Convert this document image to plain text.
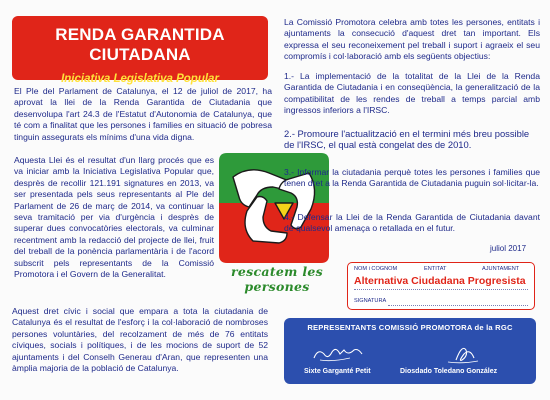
RENDA GARANTIDA CIUTADANA
Iniciativa Legislativa Popular

El Ple del Parlament de Catalunya, el 12 de juliol de 2017, ha aprovat la llei de la Renda Garantida de Ciutadania que desenvolupa l'art 24.3 de l'Estatut d'Autonomia de Catalunya, que té com a finalitat que les persones i families en situació de pobresa tinguin assegurats els mínims d'una vida digna.

Aquesta Llei és el resultat d'un llarg procés que es va iniciar amb la Iniciativa Legislativa Popular que, desprès de recollir 121.191 signatures en 2013, va ser presentada pels seus representants al Ple del Parlament de 26 de març de 2014, va continuar la seva tramitació per via d'urgència i desprès de superar dues convocatòries electorals, va culminar recentment amb la redacció del projecte de llei, fruit del treball de la ponència parlamentària i de l'acord subscrit pels representants de la Comissió Promotora i el Govern de la Generalitat.

Aquest dret cívic i social que empara a tota la ciutadania de Catalunya és el resultat de l'esforç i la col·laboració de nombroses persones voluntàries, del recolzament de més de 76 entitats cíviques, socials i polítiques, i de les mocions de suport de 52 ajuntaments i del Conselh Generau d'Aran, que representen una àmplia majoria de la població de Catalunya.

rescatem les persones

La Comissió Promotora celebra amb totes les persones, entitats i ajuntaments la consecució d'aquest dret tan important. Els expressa el seu reconeixement pel treball i suport i agraeix el seu compromís i col·laboració amb els següents objectius:

1.- La implementació de la totalitat de la Llei de la Renda Garantida de Ciutadania i en conseqüència, la generalització de la compatibilitat de les rendes de treball a temps parcial amb ingressos inferiors a l'IRSC.

2.- Promoure l'actualització en el termini més breu possible de l'IRSC, el qual està congelat des de 2010.

3.- Informar la ciutadania perquè totes les persones i families que tenen dret a la Renda Garantida de Ciutadania puguin sol·licitar-la.

4.- Defensar la Llei de la Renda Garantida de Ciutadania davant de qualsevol amenaça o retallada en el futur.

juliol 2017
NOM i COGNOM	ENTITAT	AJUNTAMENT
Alternativa Ciudadana Progresista
SIGNATURA
REPRESENTANTS COMISSIÓ PROMOTORA de la RGC
Sixte Garganté Petit	Diosdado Toledano González
